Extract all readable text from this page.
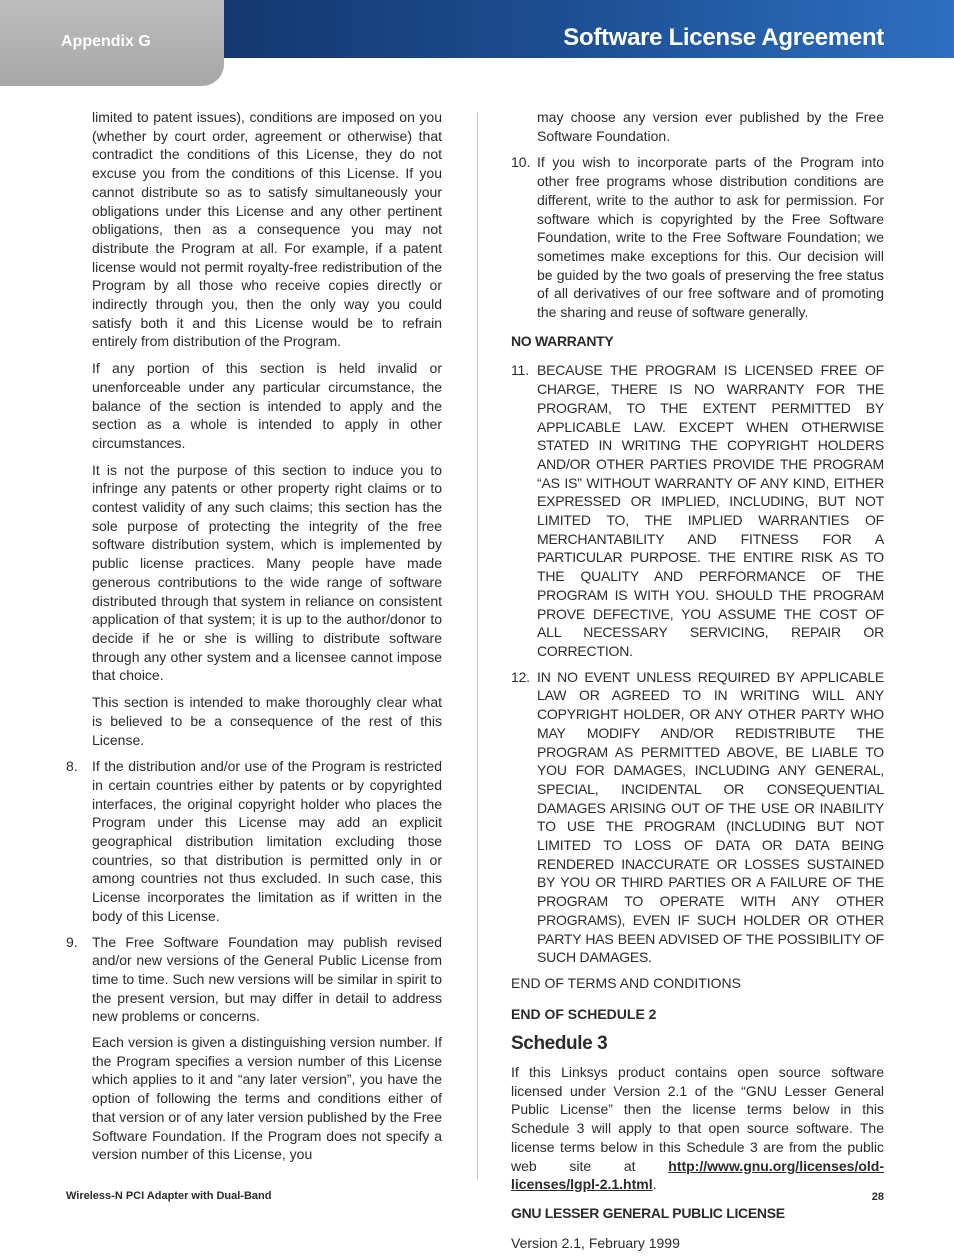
Appendix G	Software License Agreement

limited to patent issues), conditions are imposed on you (whether by court order, agreement or otherwise) that contradict the conditions of this License, they do not excuse you from the conditions of this License. If you cannot distribute so as to satisfy simultaneously your obligations under this License and any other pertinent obligations, then as a consequence you may not distribute the Program at all. For example, if a patent license would not permit royalty-free redistribution of the Program by all those who receive copies directly or indirectly through you, then the only way you could satisfy both it and this License would be to refrain entirely from distribution of the Program.

If any portion of this section is held invalid or unenforceable under any particular circumstance, the balance of the section is intended to apply and the section as a whole is intended to apply in other circumstances.

It is not the purpose of this section to induce you to infringe any patents or other property right claims or to contest validity of any such claims; this section has the sole purpose of protecting the integrity of the free software distribution system, which is implemented by public license practices. Many people have made generous contributions to the wide range of software distributed through that system in reliance on consistent application of that system; it is up to the author/donor to decide if he or she is willing to distribute software through any other system and a licensee cannot impose that choice.

This section is intended to make thoroughly clear what is believed to be a consequence of the rest of this License.

8.	If the distribution and/or use of the Program is restricted in certain countries either by patents or by copyrighted interfaces, the original copyright holder who places the Program under this License may add an explicit geographical distribution limitation excluding those countries, so that distribution is permitted only in or among countries not thus excluded. In such case, this License incorporates the limitation as if written in the body of this License.
9.	The Free Software Foundation may publish revised and/or new versions of the General Public License from time to time. Such new versions will be similar in spirit to the present version, but may differ in detail to address new problems or concerns.

Each version is given a distinguishing version number. If the Program specifies a version number of this License which applies to it and “any later version”, you have the option of following the terms and conditions either of that version or of any later version published by the Free Software Foundation. If the Program does not specify a version number of this License, you

may choose any version ever published by the Free Software Foundation.

10. If you wish to incorporate parts of the Program into other free programs whose distribution conditions are different, write to the author to ask for permission. For software which is copyrighted by the Free Software Foundation, write to the Free Software Foundation; we sometimes make exceptions for this. Our decision will be guided by the two goals of preserving the free status of all derivatives of our free software and of promoting the sharing and reuse of software generally.
NO WARRANTY
11. BECAUSE THE PROGRAM IS LICENSED FREE OF CHARGE, THERE IS NO WARRANTY FOR THE PROGRAM, TO THE EXTENT PERMITTED BY APPLICABLE LAW. EXCEPT WHEN OTHERWISE STATED IN WRITING THE COPYRIGHT HOLDERS AND/OR OTHER PARTIES PROVIDE THE PROGRAM “AS IS” WITHOUT WARRANTY OF ANY KIND, EITHER EXPRESSED OR IMPLIED, INCLUDING, BUT NOT LIMITED TO, THE IMPLIED WARRANTIES OF MERCHANTABILITY AND FITNESS FOR A PARTICULAR PURPOSE. THE ENTIRE RISK AS TO THE QUALITY AND PERFORMANCE OF THE PROGRAM IS WITH YOU. SHOULD THE PROGRAM PROVE DEFECTIVE, YOU ASSUME THE COST OF ALL NECESSARY SERVICING, REPAIR OR CORRECTION.
12. IN NO EVENT UNLESS REQUIRED BY APPLICABLE LAW OR AGREED TO IN WRITING WILL ANY COPYRIGHT HOLDER, OR ANY OTHER PARTY WHO MAY MODIFY AND/OR REDISTRIBUTE THE PROGRAM AS PERMITTED ABOVE, BE LIABLE TO YOU FOR DAMAGES, INCLUDING ANY GENERAL, SPECIAL, INCIDENTAL OR CONSEQUENTIAL DAMAGES ARISING OUT OF THE USE OR INABILITY TO USE THE PROGRAM (INCLUDING BUT NOT LIMITED TO LOSS OF DATA OR DATA BEING RENDERED INACCURATE OR LOSSES SUSTAINED BY YOU OR THIRD PARTIES OR A FAILURE OF THE PROGRAM TO OPERATE WITH ANY OTHER PROGRAMS), EVEN IF SUCH HOLDER OR OTHER PARTY HAS BEEN ADVISED OF THE POSSIBILITY OF SUCH DAMAGES.

END OF TERMS AND CONDITIONS

END OF SCHEDULE 2
Schedule 3

If this Linksys product contains open source software licensed under Version 2.1 of the “GNU Lesser General Public License” then the license terms below in this Schedule 3 will apply to that open source software. The license terms below in this Schedule 3 are from the public web site at http://www.gnu.org/licenses/old-licenses/lgpl-2.1.html.

GNU LESSER GENERAL PUBLIC LICENSE

Version 2.1, February 1999

Wireless-N PCI Adapter with Dual-Band	28
